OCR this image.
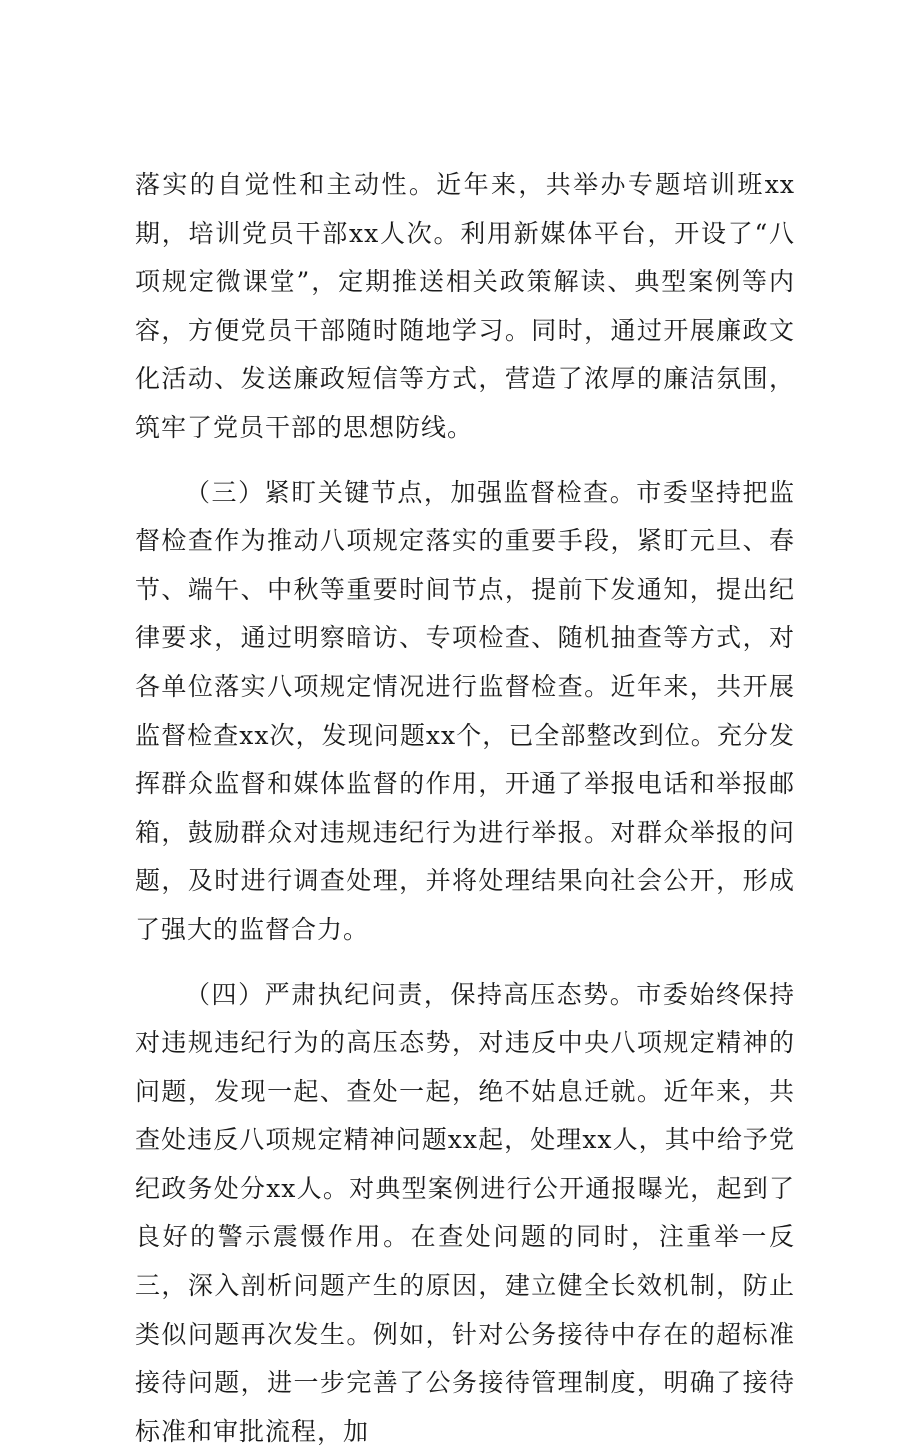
落实的自觉性和主动性。近年来，共举办专题培训班xx期，培训党员干部xx人次。利用新媒体平台，开设了“八项规定微课堂”，定期推送相关政策解读、典型案例等内容，方便党员干部随时随地学习。同时，通过开展廉政文化活动、发送廉政短信等方式，营造了浓厚的廉洁氛围，筑牢了党员干部的思想防线。

（三）紧盯关键节点，加强监督检查。市委坚持把监督检查作为推动八项规定落实的重要手段，紧盯元旦、春节、端午、中秋等重要时间节点，提前下发通知，提出纪律要求，通过明察暗访、专项检查、随机抽查等方式，对各单位落实八项规定情况进行监督检查。近年来，共开展监督检查xx次，发现问题xx个，已全部整改到位。充分发挥群众监督和媒体监督的作用，开通了举报电话和举报邮箱，鼓励群众对违规违纪行为进行举报。对群众举报的问题，及时进行调查处理，并将处理结果向社会公开，形成了强大的监督合力。

（四）严肃执纪问责，保持高压态势。市委始终保持对违规违纪行为的高压态势，对违反中央八项规定精神的问题，发现一起、查处一起，绝不姑息迁就。近年来，共查处违反八项规定精神问题xx起，处理xx人，其中给予党纪政务处分xx人。对典型案例进行公开通报曝光，起到了良好的警示震慑作用。在查处问题的同时，注重举一反三，深入剖析问题产生的原因，建立健全长效机制，防止类似问题再次发生。例如，针对公务接待中存在的超标准接待问题，进一步完善了公务接待管理制度，明确了接待标准和审批流程，加
